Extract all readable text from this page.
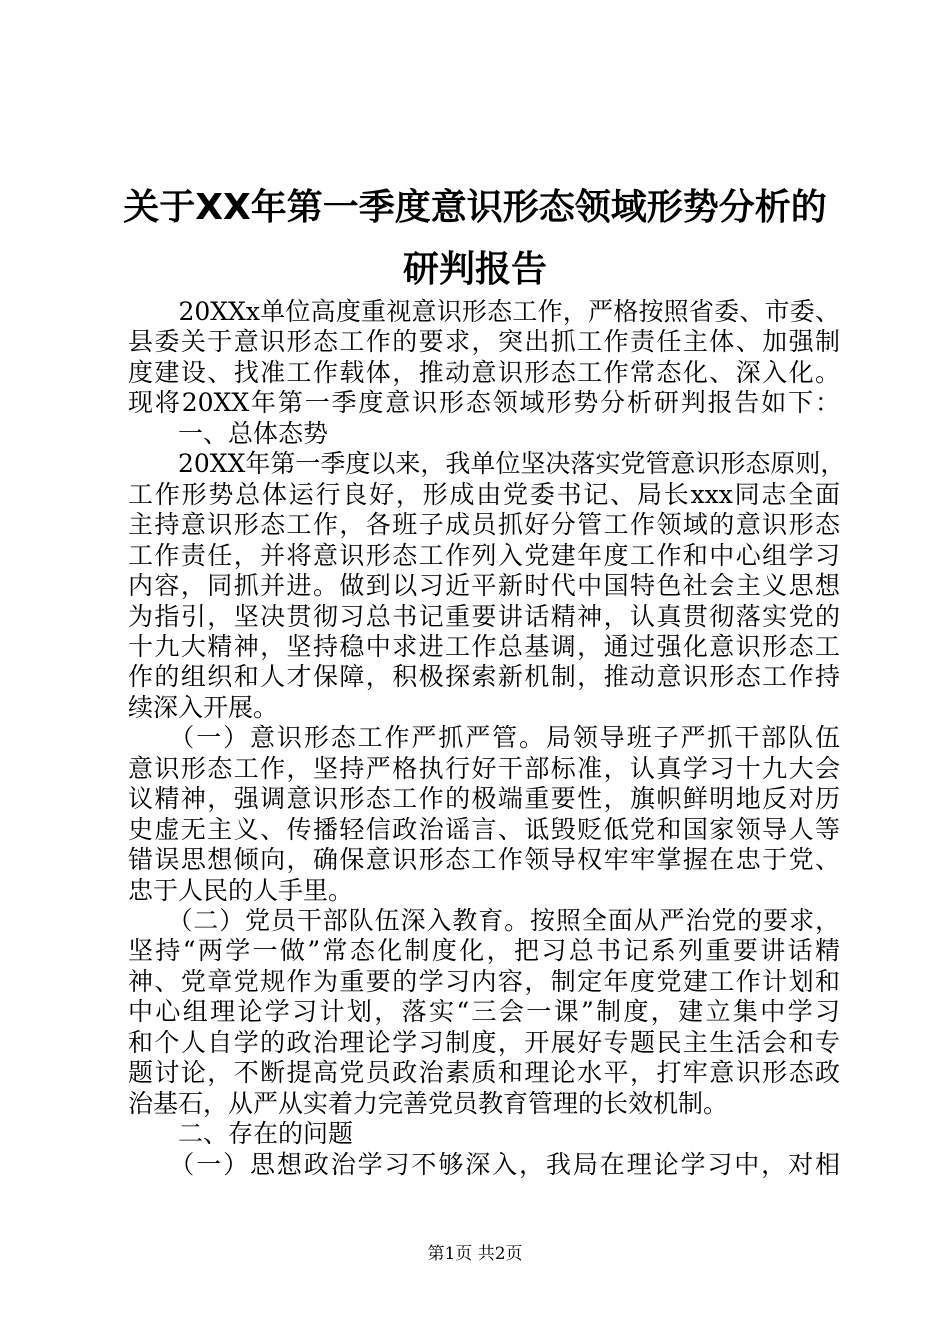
关于XX年第一季度意识形态领域形势分析的
研判报告
　　20XXx单位高度重视意识形态工作，严格按照省委、市委、
县委关于意识形态工作的要求，突出抓工作责任主体、加强制
度建设、找准工作载体，推动意识形态工作常态化、深入化。
现将20XX年第一季度意识形态领域形势分析研判报告如下：
　　一、总体态势
　　20XX年第一季度以来，我单位坚决落实党管意识形态原则，
工作形势总体运行良好，形成由党委书记、局长xxx同志全面
主持意识形态工作，各班子成员抓好分管工作领域的意识形态
工作责任，并将意识形态工作列入党建年度工作和中心组学习
内容，同抓并进。做到以习近平新时代中国特色社会主义思想
为指引，坚决贯彻习总书记重要讲话精神，认真贯彻落实党的
十九大精神，坚持稳中求进工作总基调，通过强化意识形态工
作的组织和人才保障，积极探索新机制，推动意识形态工作持
续深入开展。
　　（一）意识形态工作严抓严管。局领导班子严抓干部队伍
意识形态工作，坚持严格执行好干部标准，认真学习十九大会
议精神，强调意识形态工作的极端重要性，旗帜鲜明地反对历
史虚无主义、传播轻信政治谣言、诋毁贬低党和国家领导人等
错误思想倾向，确保意识形态工作领导权牢牢掌握在忠于党、
忠于人民的人手里。
　　（二）党员干部队伍深入教育。按照全面从严治党的要求，
坚持“两学一做”常态化制度化，把习总书记系列重要讲话精
神、党章党规作为重要的学习内容，制定年度党建工作计划和
中心组理论学习计划，落实“三会一课”制度，建立集中学习
和个人自学的政治理论学习制度，开展好专题民主生活会和专
题讨论，不断提高党员政治素质和理论水平，打牢意识形态政
治基石，从严从实着力完善党员教育管理的长效机制。
　　二、存在的问题
　　（一）思想政治学习不够深入，我局在理论学习中，对相
第1页 共2页
